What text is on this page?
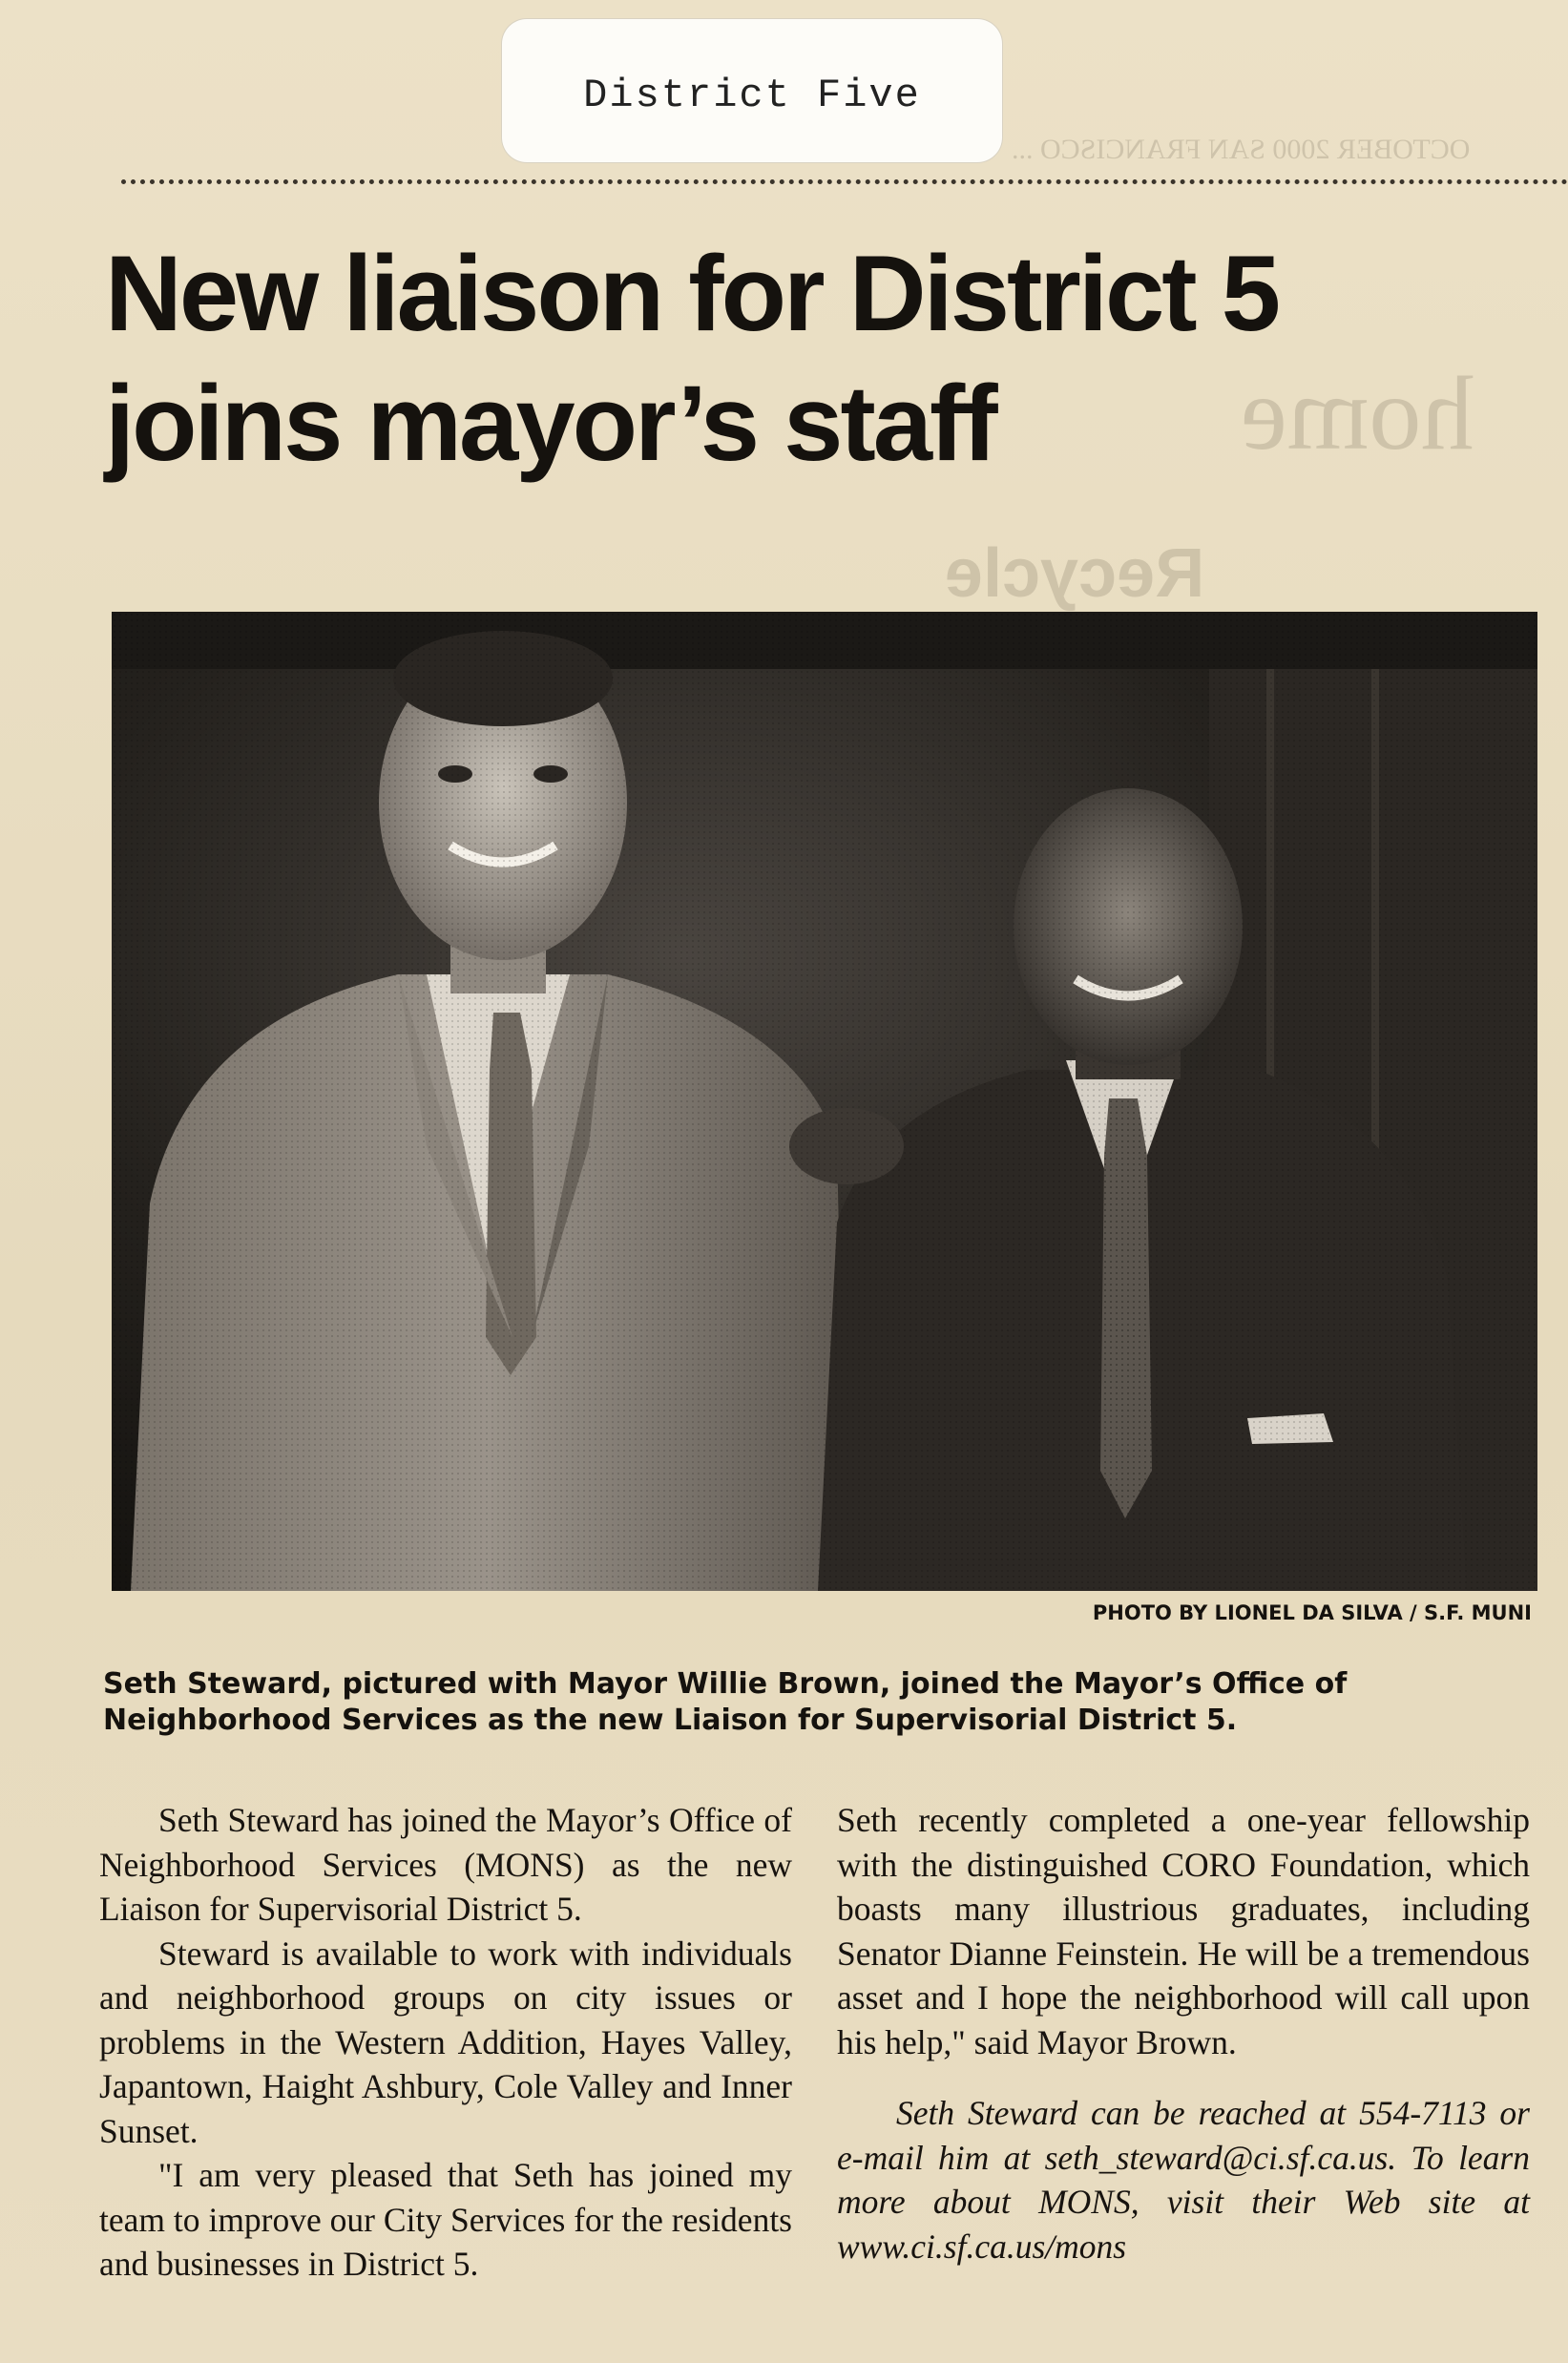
OCTOBER 2000 SAN FRANCISCO ...
Recycle
home
District Five
New liaison for District 5
joins mayor’s staff
PHOTO BY LIONEL DA SILVA / S.F. MUNI

Seth Steward, pictured with Mayor Willie Brown, joined the Mayor’s Office of Neighborhood Services as the new Liaison for Supervisorial District 5.

Seth Steward has joined the Mayor’s Office of Neighborhood Services (MONS) as the new Liaison for Supervisorial District 5.

Steward is available to work with individuals and neighborhood groups on city issues or problems in the Western Addition, Hayes Valley, Japantown, Haight Ashbury, Cole Valley and Inner Sunset.

"I am very pleased that Seth has joined my team to improve our City Services for the residents and businesses in District 5.

Seth recently completed a one-year fellowship with the distinguished CORO Foundation, which boasts many illustrious graduates, including Senator Dianne Feinstein. He will be a tremendous asset and I hope the neighborhood will call upon his help," said Mayor Brown.

Seth Steward can be reached at 554-7113 or e-mail him at seth_steward@ci.sf.ca.us. To learn more about MONS, visit their Web site at www.ci.sf.ca.us/mons
